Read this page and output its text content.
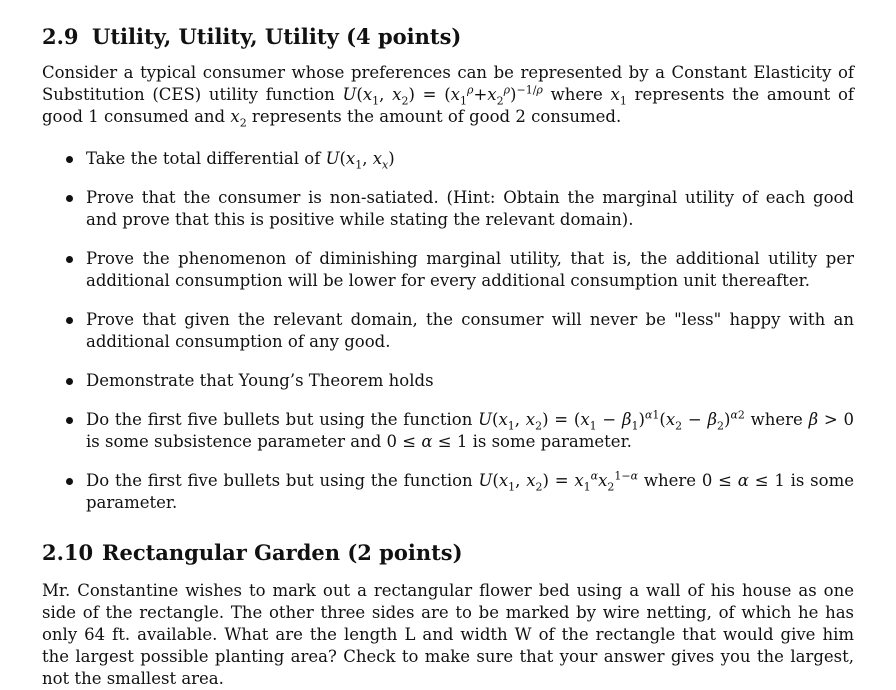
2.9 Utility, Utility, Utility (4 points)

Consider a typical consumer whose preferences can be represented by a Constant Elasticity of Substitution (CES) utility function $U(x_1$, $x_2) = (x_1^\rho+x_2^\rho)^{-1/\rho}$ where $x_1$ represents the amount of good 1 consumed and $x_2$ represents the amount of good 2 consumed.

Take the total differential of $U(x_1$, $x_x$)
Prove that the consumer is non-satiated. (Hint: Obtain the marginal utility of each good and prove that this is positive while stating the relevant domain).
Prove the phenomenon of diminishing marginal utility, that is, the additional utility per additional consumption will be lower for every additional consumption unit thereafter.
Prove that given the relevant domain, the consumer will never be "less" happy with an additional consumption of any good.
Demonstrate that Young’s Theorem holds
Do the first five bullets but using the function $U(x_1$, $x_2) = (x_1 - \beta_1)^{\alpha 1}(x_2 - \beta_2)^{\alpha 2}$ where β > 0 is some subsistence parameter and 0 ≤ α ≤ 1 is some parameter.
Do the first five bullets but using the function $U(x_1$, $x_2) = x_1^\alpha x_2^{1-\alpha}$ where 0 ≤ α ≤ 1 is some parameter.
2.10 Rectangular Garden (2 points)

Mr. Constantine wishes to mark out a rectangular flower bed using a wall of his house as one side of the rectangle. The other three sides are to be marked by wire netting, of which he has only 64 ft. available. What are the length L and width W of the rectangle that would give him the largest possible planting area? Check to make sure that your answer gives you the largest, not the smallest area.
